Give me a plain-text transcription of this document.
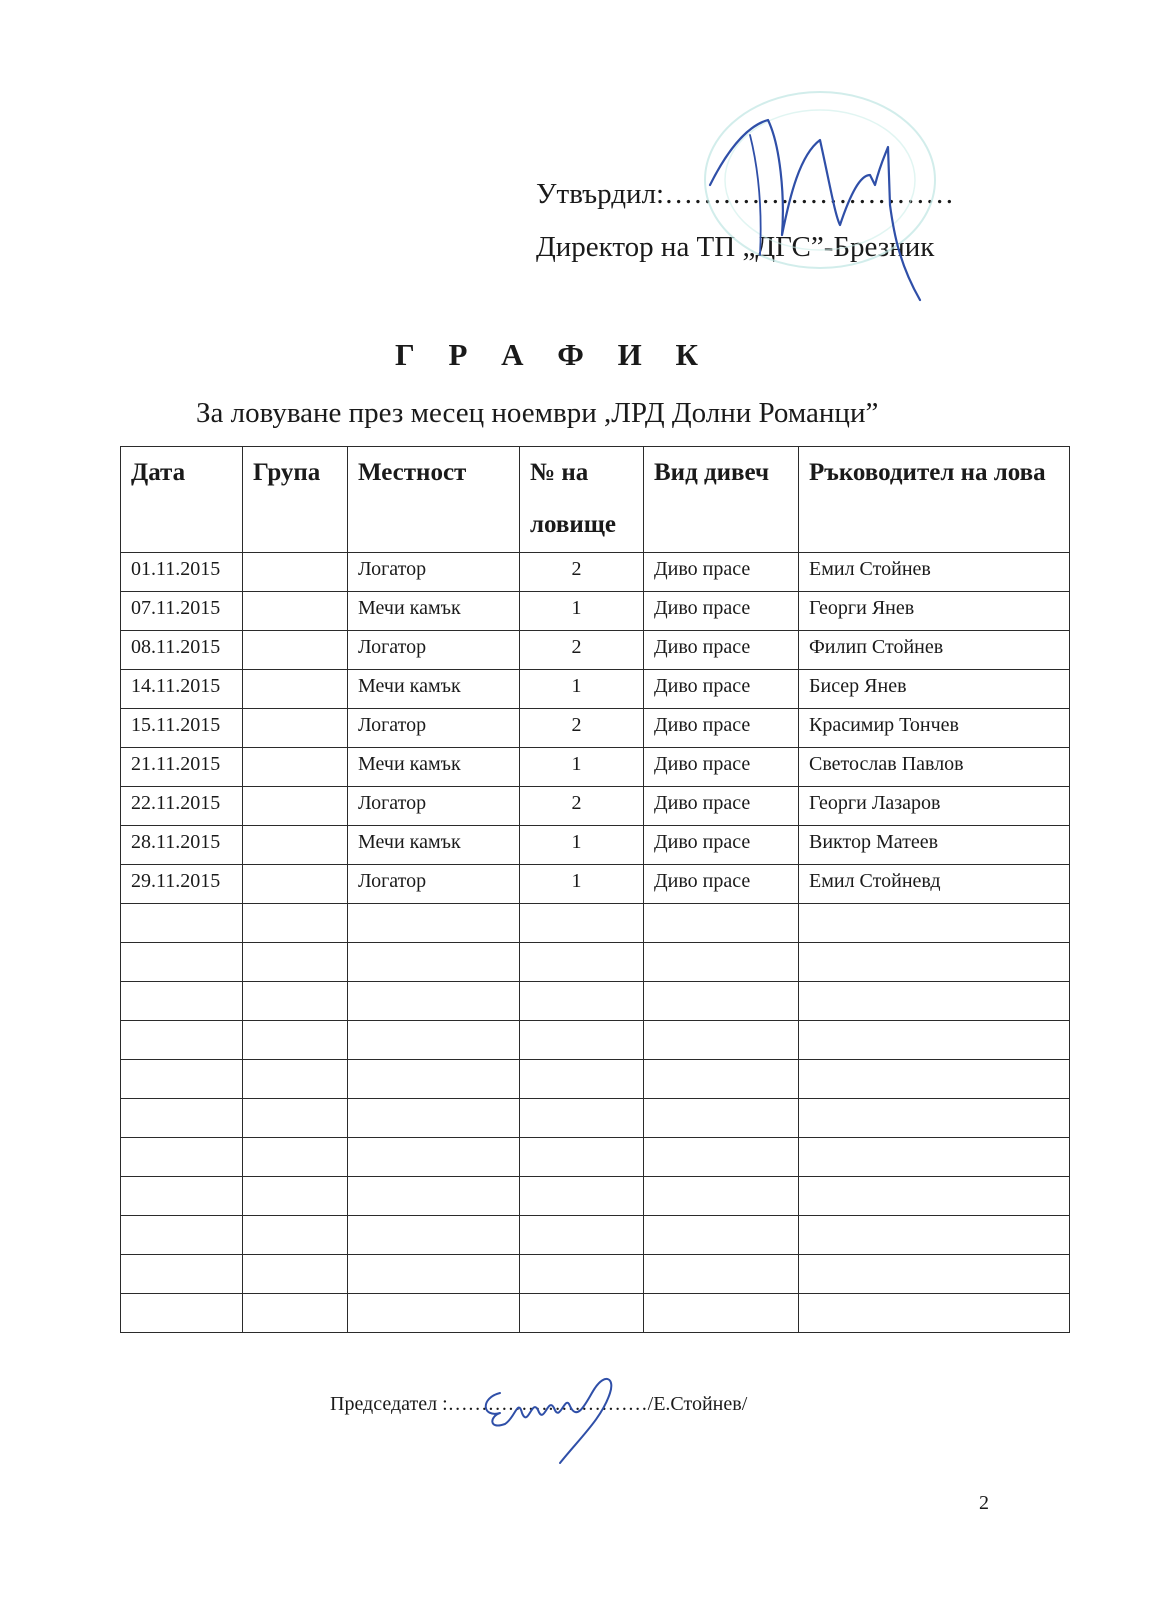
Утвърдил:…………………………
Директор на ТП „ДГС”-Брезник
Г Р А Ф И К
За ловуване през месец ноември ,ЛРД Долни Романци”
Дата	Група	Местност	№ на ловище	Вид дивеч	Ръководител на лова
01.11.2015		Логатор	2	Диво прасе	Емил Стойнев
07.11.2015		Мечи камък	1	Диво прасе	Георги Янев
08.11.2015		Логатор	2	Диво прасе	Филип Стойнев
14.11.2015		Мечи камък	1	Диво прасе	Бисер Янев
15.11.2015		Логатор	2	Диво прасе	Красимир Тончев
21.11.2015		Мечи камък	1	Диво прасе	Светослав Павлов
22.11.2015		Логатор	2	Диво прасе	Георги Лазаров
28.11.2015		Мечи камък	1	Диво прасе	Виктор Матеев
29.11.2015		Логатор	1	Диво прасе	Емил Стойневд

Председател :…………………………/Е.Стойнев/
2
